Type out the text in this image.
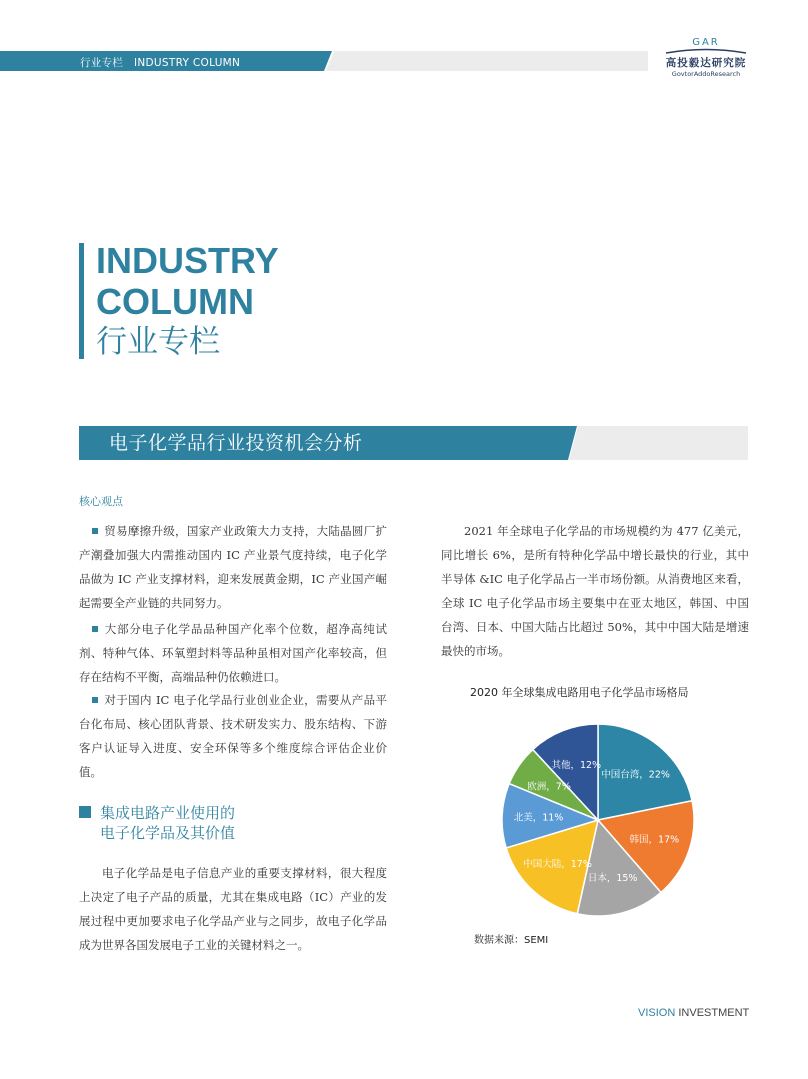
行业专栏　INDUSTRY COLUMN
GAR
高投毅达研究院
GovtorAddoResearch
INDUSTRY
COLUMN
行业专栏
电子化学品行业投资机会分析
核心观点
贸易摩擦升级，国家产业政策大力支持，大陆晶圆厂扩产潮叠加强大内需推动国内 IC 产业景气度持续，电子化学品做为 IC 产业支撑材料，迎来发展黄金期，IC 产业国产崛起需要全产业链的共同努力。
大部分电子化学品品种国产化率个位数，超净高纯试剂、特种气体、环氧塑封料等品种虽相对国产化率较高，但存在结构不平衡，高端品种仍依赖进口。
对于国内 IC 电子化学品行业创业企业，需要从产品平台化布局、核心团队背景、技术研发实力、股东结构、下游客户认证导入进度、安全环保等多个维度综合评估企业价值。
集成电路产业使用的
电子化学品及其价值
电子化学品是电子信息产业的重要支撑材料，很大程度上决定了电子产品的质量，尤其在集成电路（IC）产业的发展过程中更加要求电子化学品产业与之同步，故电子化学品成为世界各国发展电子工业的关键材料之一。
2021 年全球电子化学品的市场规模约为 477 亿美元，同比增长 6%，是所有特种化学品中增长最快的行业，其中半导体 &IC 电子化学品占一半市场份额。从消费地区来看，全球 IC 电子化学品市场主要集中在亚太地区，韩国、中国台湾、日本、中国大陆占比超过 50%，其中中国大陆是增速最快的市场。
2020 年全球集成电路用电子化学品市场格局
中国台湾，22%
韩国，17%
日本，15%
中国大陆，17%
北美，11%
欧洲，7%
其他，12%
数据来源：SEMI
VISION INVESTMENT
